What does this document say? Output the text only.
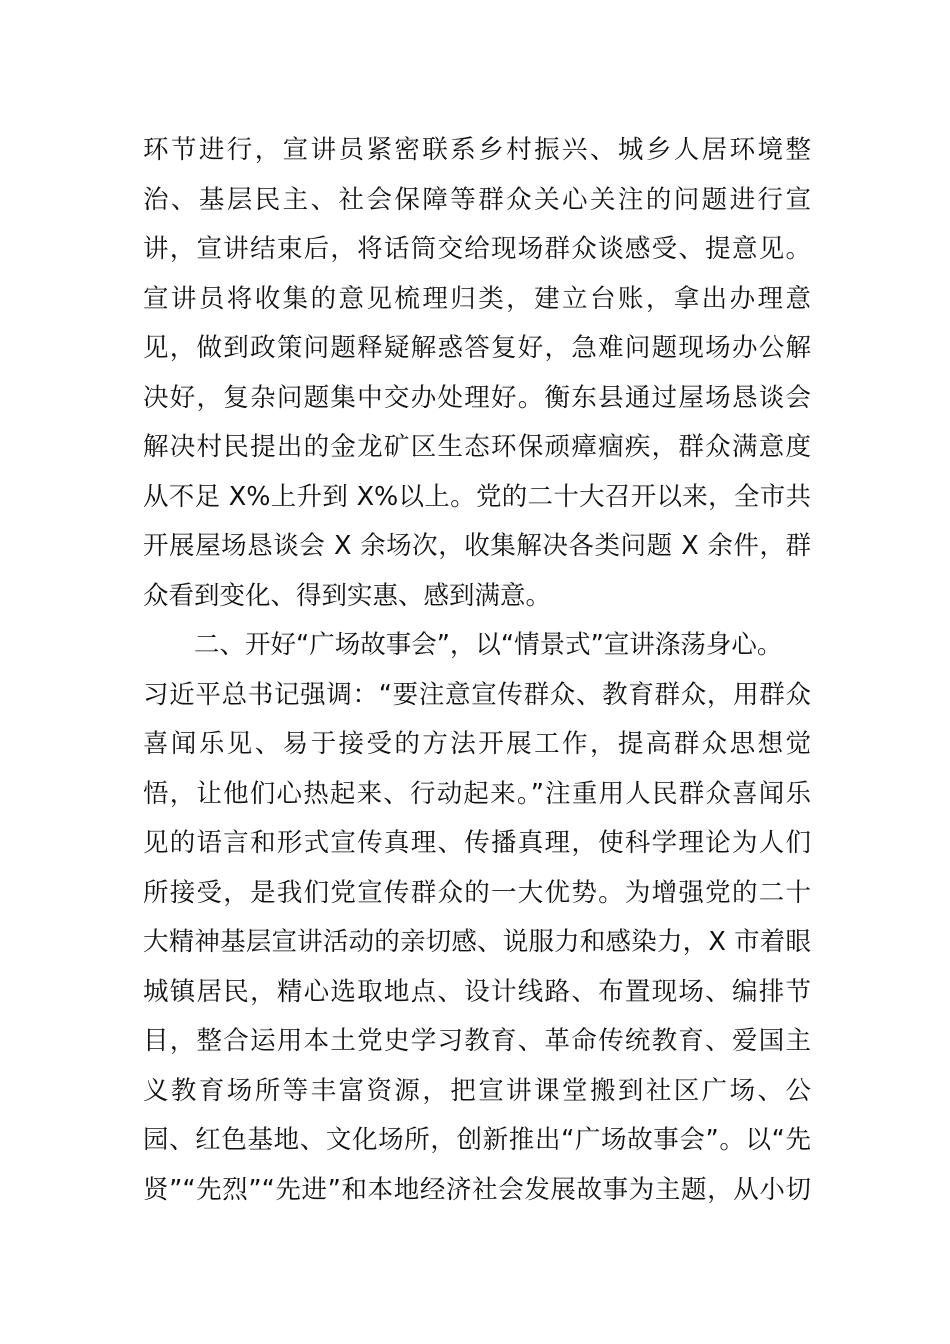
环节进行，宣讲员紧密联系乡村振兴、城乡人居环境整
治、基层民主、社会保障等群众关心关注的问题进行宣
讲，宣讲结束后，将话筒交给现场群众谈感受、提意见。
宣讲员将收集的意见梳理归类，建立台账，拿出办理意
见，做到政策问题释疑解惑答复好，急难问题现场办公解
决好，复杂问题集中交办处理好。衡东县通过屋场恳谈会
解决村民提出的金龙矿区生态环保顽瘴痼疾，群众满意度
从不足 X%上升到 X%以上。党的二十大召开以来，全市共
开展屋场恳谈会 X 余场次，收集解决各类问题 X 余件，群
众看到变化、得到实惠、感到满意。
二、开好“广场故事会”，以“情景式”宣讲涤荡身心。
习近平总书记强调：“要注意宣传群众、教育群众，用群众
喜闻乐见、易于接受的方法开展工作，提高群众思想觉
悟，让他们心热起来、行动起来。”注重用人民群众喜闻乐
见的语言和形式宣传真理、传播真理，使科学理论为人们
所接受，是我们党宣传群众的一大优势。为增强党的二十
大精神基层宣讲活动的亲切感、说服力和感染力，X 市着眼
城镇居民，精心选取地点、设计线路、布置现场、编排节
目，整合运用本土党史学习教育、革命传统教育、爱国主
义教育场所等丰富资源，把宣讲课堂搬到社区广场、公
园、红色基地、文化场所，创新推出“广场故事会”。以“先
贤”“先烈”“先进”和本地经济社会发展故事为主题，从小切
